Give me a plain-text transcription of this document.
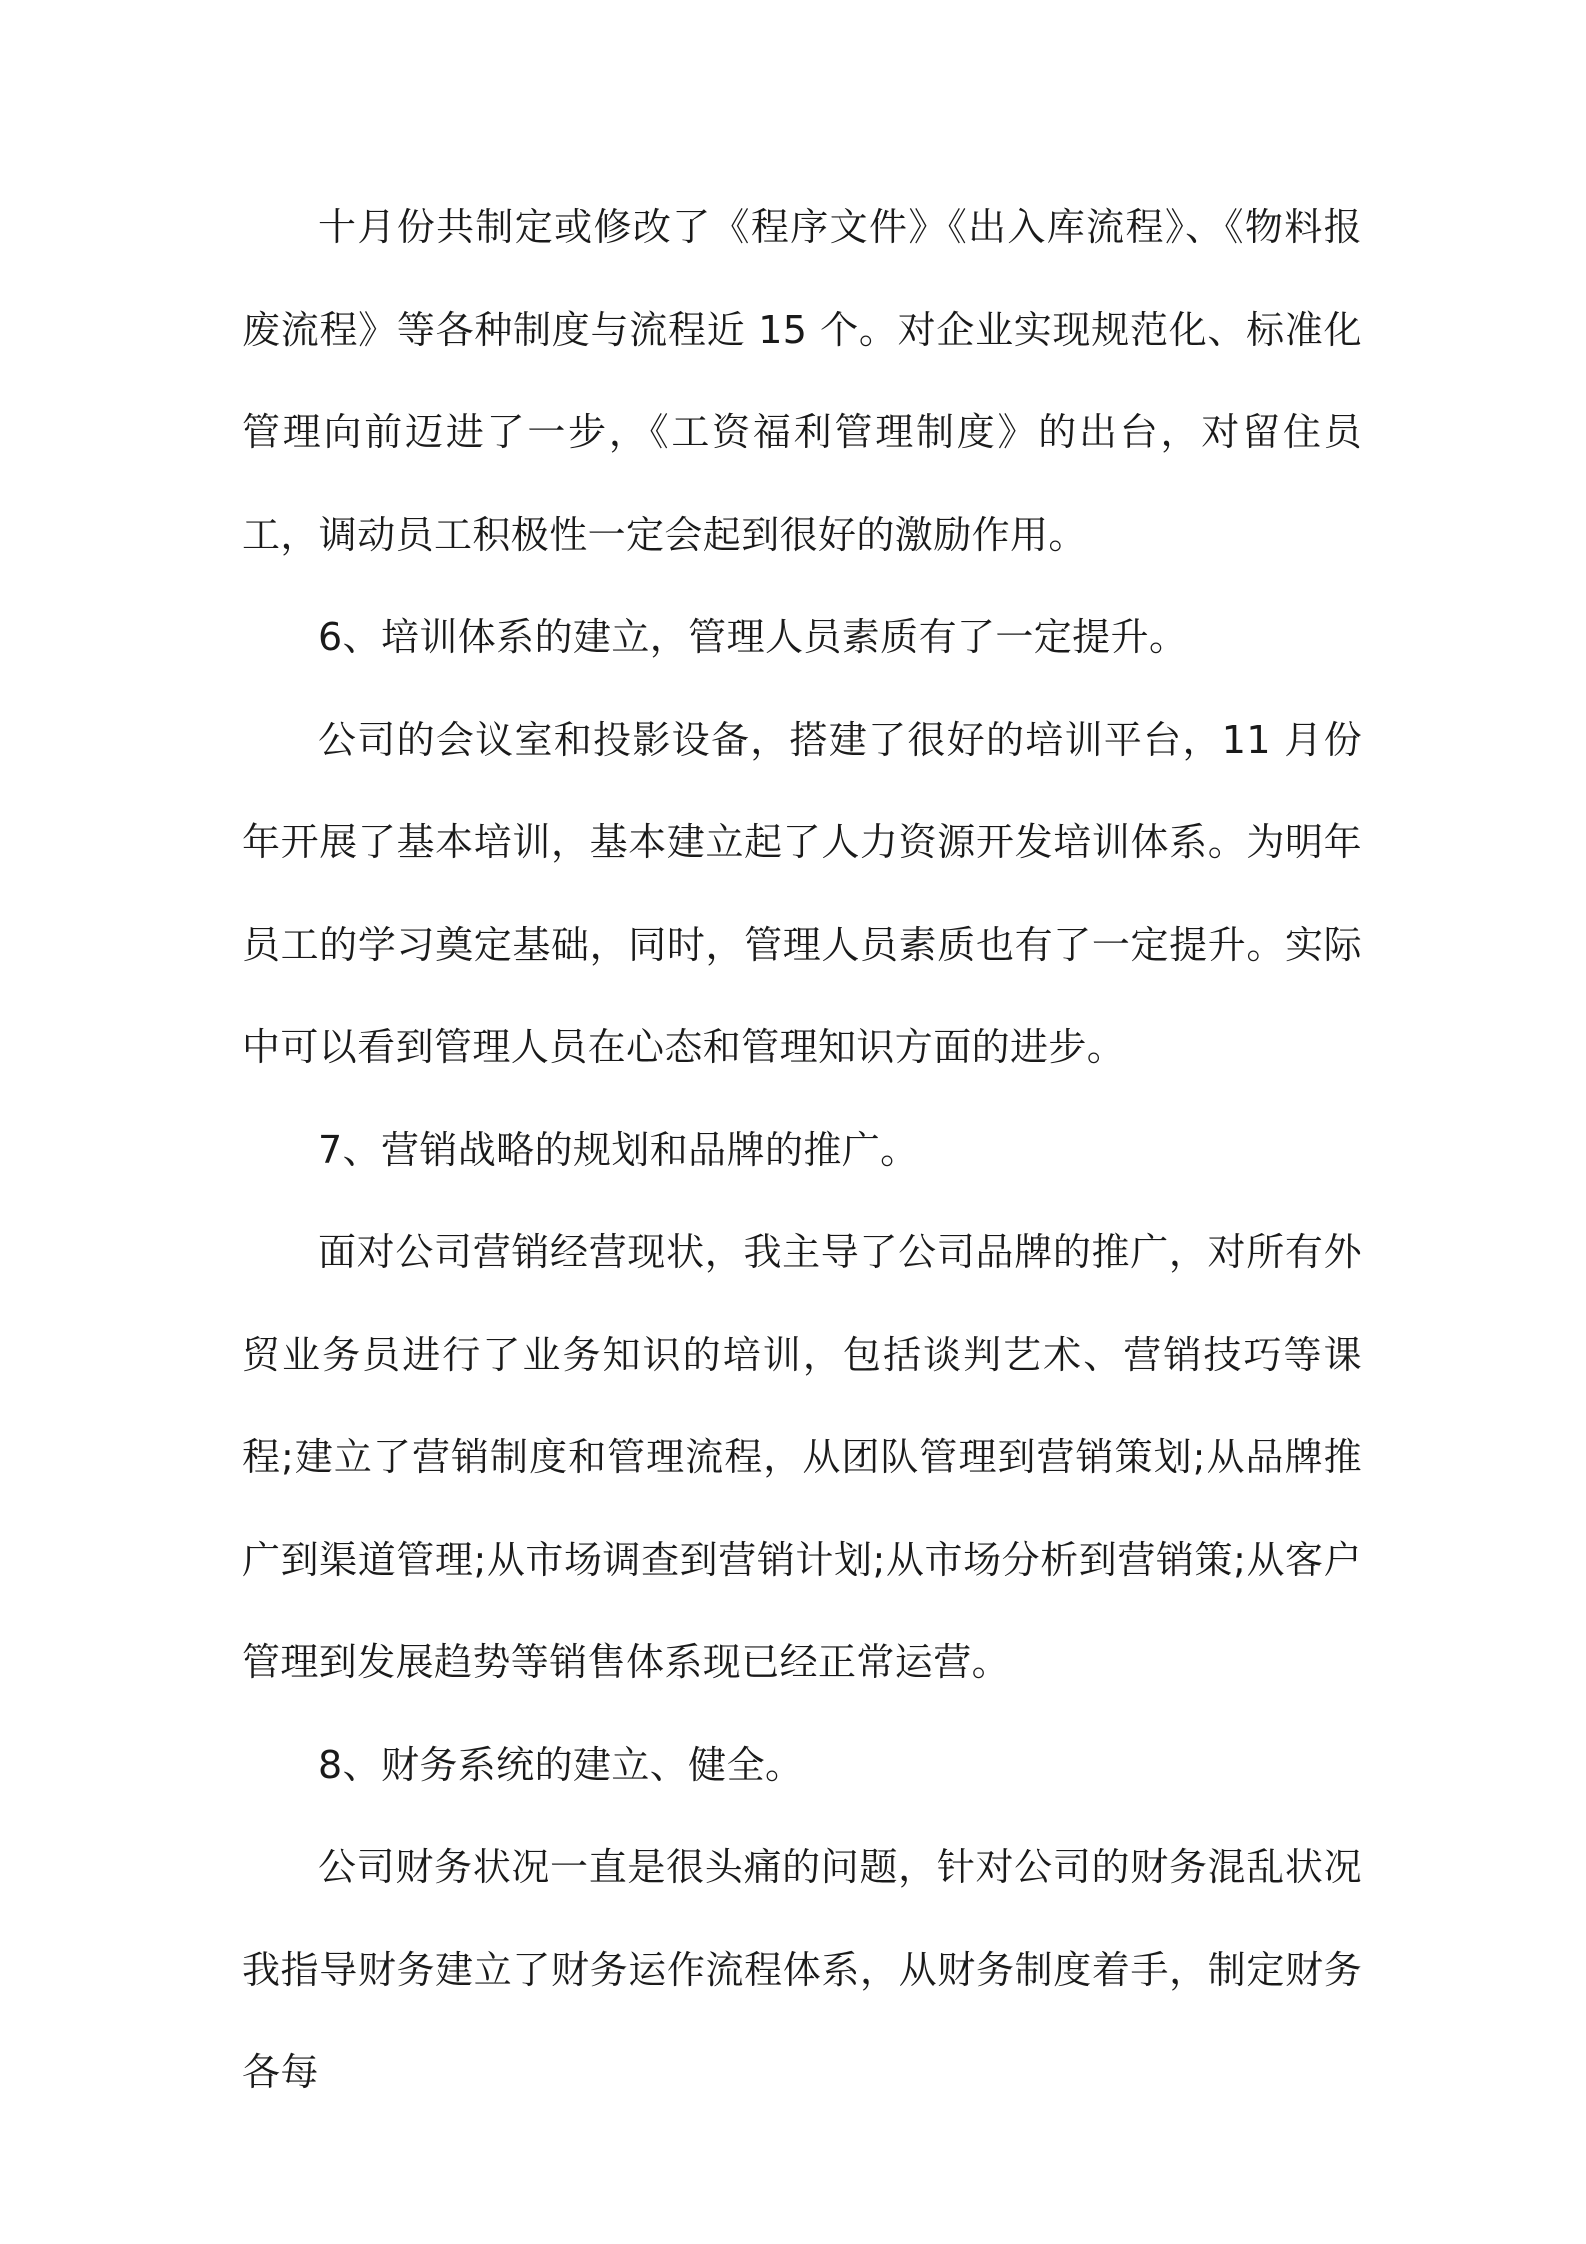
十月份共制定或修改了《程序文件》《出入库流程》、《物料报废流程》等各种制度与流程近 15 个。对企业实现规范化、标准化管理向前迈进了一步，《工资福利管理制度》的出台，对留住员工，调动员工积极性一定会起到很好的激励作用。

6、培训体系的建立，管理人员素质有了一定提升。

公司的会议室和投影设备，搭建了很好的培训平台，11 月份年开展了基本培训，基本建立起了人力资源开发培训体系。为明年员工的学习奠定基础，同时，管理人员素质也有了一定提升。实际中可以看到管理人员在心态和管理知识方面的进步。

7、营销战略的规划和品牌的推广。

面对公司营销经营现状，我主导了公司品牌的推广，对所有外贸业务员进行了业务知识的培训，包括谈判艺术、营销技巧等课程;建立了营销制度和管理流程，从团队管理到营销策划;从品牌推广到渠道管理;从市场调查到营销计划;从市场分析到营销策;从客户管理到发展趋势等销售体系现已经正常运营。

8、财务系统的建立、健全。

公司财务状况一直是很头痛的问题，针对公司的财务混乱状况我指导财务建立了财务运作流程体系，从财务制度着手，制定财务各每
